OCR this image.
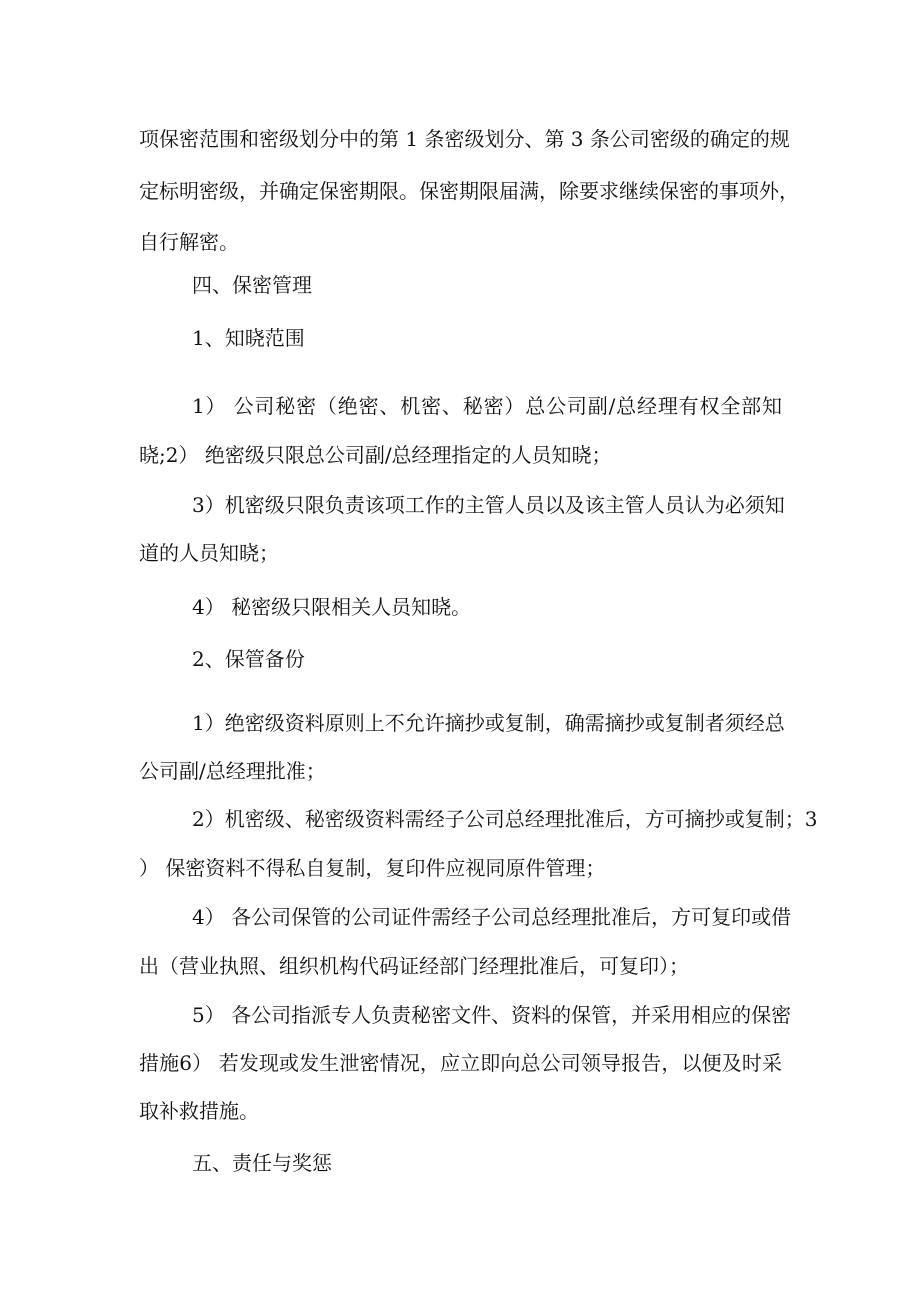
项保密范围和密级划分中的第 1 条密级划分、第 3 条公司密级的确定的规

定标明密级，并确定保密期限。保密期限届满，除要求继续保密的事项外，

自行解密。

四、保密管理

1、知晓范围

1） 公司秘密（绝密、机密、秘密）总公司副/总经理有权全部知

晓;2） 绝密级只限总公司副/总经理指定的人员知晓；

3）机密级只限负责该项工作的主管人员以及该主管人员认为必须知

道的人员知晓；

4） 秘密级只限相关人员知晓。

2、保管备份

1）绝密级资料原则上不允许摘抄或复制，确需摘抄或复制者须经总

公司副/总经理批准；

2）机密级、秘密级资料需经子公司总经理批准后，方可摘抄或复制；3

） 保密资料不得私自复制，复印件应视同原件管理；

4） 各公司保管的公司证件需经子公司总经理批准后，方可复印或借

出（营业执照、组织机构代码证经部门经理批准后，可复印）；

5） 各公司指派专人负责秘密文件、资料的保管，并采用相应的保密

措施6） 若发现或发生泄密情况，应立即向总公司领导报告，以便及时采

取补救措施。

五、责任与奖惩
